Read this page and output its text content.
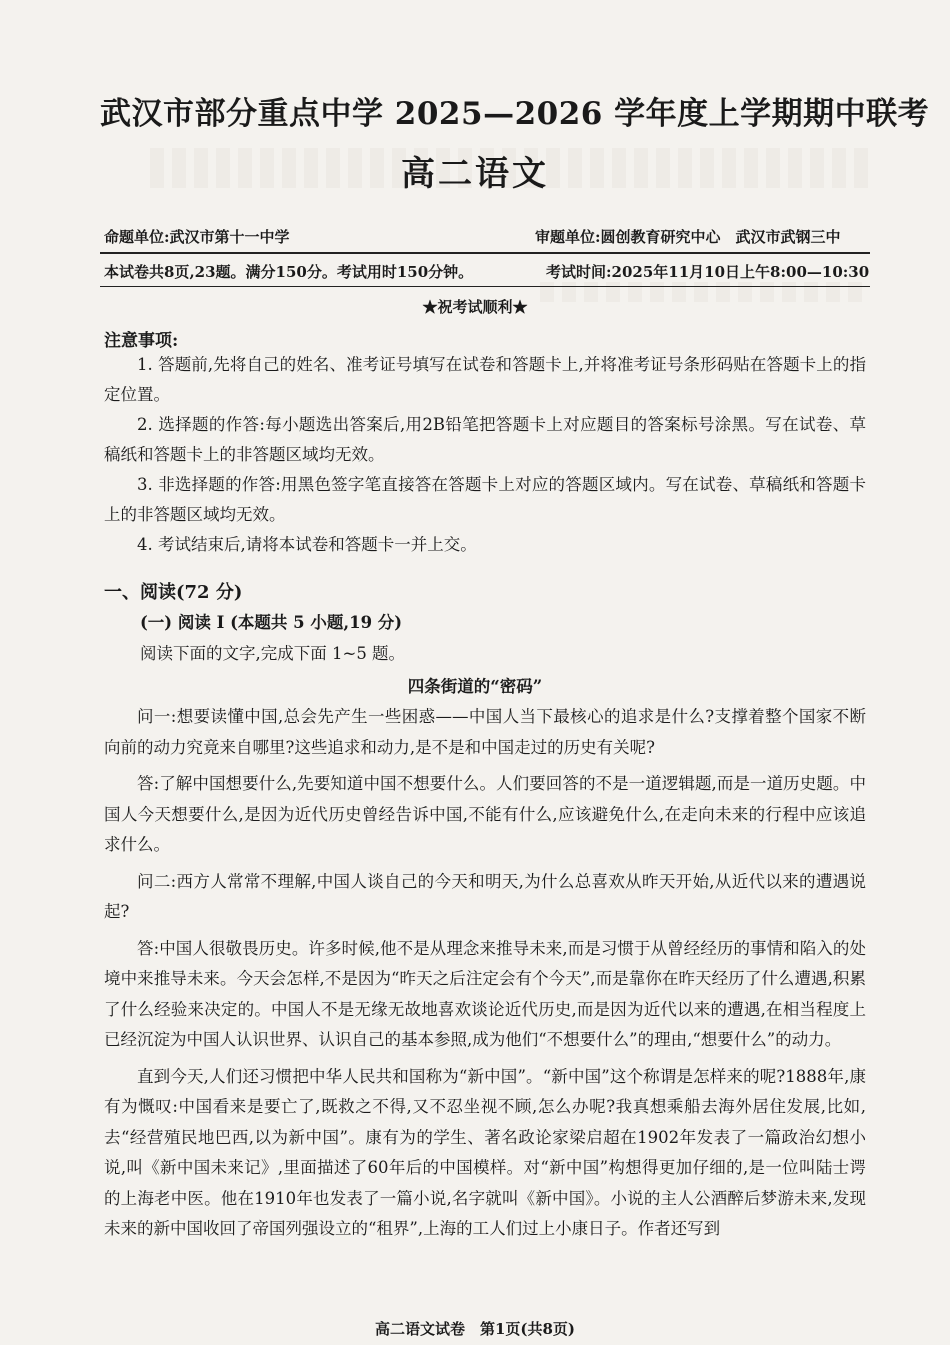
武汉市部分重点中学 2025—2026 学年度上学期期中联考
高二语文
命题单位:武汉市第十一中学	审题单位:圆创教育研究中心　武汉市武钢三中
本试卷共8页,23题。满分150分。考试用时150分钟。	考试时间:2025年11月10日上午8:00—10:30
★祝考试顺利★
注意事项:

1. 答题前,先将自己的姓名、准考证号填写在试卷和答题卡上,并将准考证号条形码贴在答题卡上的指定位置。

2. 选择题的作答:每小题选出答案后,用2B铅笔把答题卡上对应题目的答案标号涂黑。写在试卷、草稿纸和答题卡上的非答题区域均无效。

3. 非选择题的作答:用黑色签字笔直接答在答题卡上对应的答题区域内。写在试卷、草稿纸和答题卡上的非答题区域均无效。

4. 考试结束后,请将本试卷和答题卡一并上交。

一、阅读(72 分)
(一) 阅读 I (本题共 5 小题,19 分)
阅读下面的文字,完成下面 1~5 题。
四条街道的“密码”

问一:想要读懂中国,总会先产生一些困惑——中国人当下最核心的追求是什么?支撑着整个国家不断向前的动力究竟来自哪里?这些追求和动力,是不是和中国走过的历史有关呢?

答:了解中国想要什么,先要知道中国不想要什么。人们要回答的不是一道逻辑题,而是一道历史题。中国人今天想要什么,是因为近代历史曾经告诉中国,不能有什么,应该避免什么,在走向未来的行程中应该追求什么。

问二:西方人常常不理解,中国人谈自己的今天和明天,为什么总喜欢从昨天开始,从近代以来的遭遇说起?

答:中国人很敬畏历史。许多时候,他不是从理念来推导未来,而是习惯于从曾经经历的事情和陷入的处境中来推导未来。今天会怎样,不是因为“昨天之后注定会有个今天”,而是靠你在昨天经历了什么遭遇,积累了什么经验来决定的。中国人不是无缘无故地喜欢谈论近代历史,而是因为近代以来的遭遇,在相当程度上已经沉淀为中国人认识世界、认识自己的基本参照,成为他们“不想要什么”的理由,“想要什么”的动力。

直到今天,人们还习惯把中华人民共和国称为“新中国”。“新中国”这个称谓是怎样来的呢?1888年,康有为慨叹:中国看来是要亡了,既救之不得,又不忍坐视不顾,怎么办呢?我真想乘船去海外居住发展,比如,去“经营殖民地巴西,以为新中国”。康有为的学生、著名政论家梁启超在1902年发表了一篇政治幻想小说,叫《新中国未来记》,里面描述了60年后的中国模样。对“新中国”构想得更加仔细的,是一位叫陆士谔的上海老中医。他在1910年也发表了一篇小说,名字就叫《新中国》。小说的主人公酒醉后梦游未来,发现未来的新中国收回了帝国列强设立的“租界”,上海的工人们过上小康日子。作者还写到

高二语文试卷　第1页(共8页)
